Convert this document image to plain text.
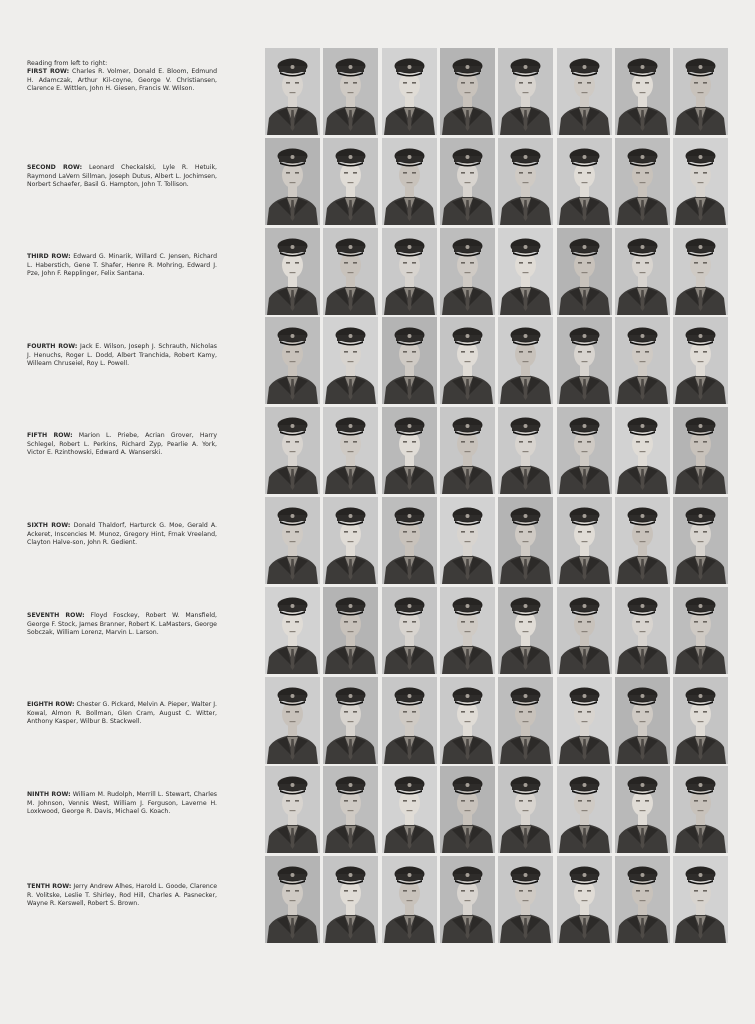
Reading from left to right:

FIRST ROW: Charles R. Volmer, Donald E. Bloom, Edmund H. Adamczak, Arthur Kil-coyne, George V. Christiansen, Clarence E. Wittlen, John H. Giesen, Francis W. Wilson.
SECOND ROW: Leonard Checkalski, Lyle R. Hetuik, Raymond LaVern Sillman, Joseph Dutus, Albert L. Jochimsen, Norbert Schaefer, Basil G. Hampton, John T. Tollison.
THIRD ROW: Edward G. Minarik, Willard C. Jensen, Richard L. Haberstich, Gene T. Shafer, Henre R. Mohring, Edward J. Pze, John F. Repplinger, Felix Santana.
FOURTH ROW: Jack E. Wilson, Joseph J. Schrauth, Nicholas J. Henuchs, Roger L. Dodd, Albert Tranchida, Robert Kamy, Willeam Chruseiel, Roy L. Powell.
FIFTH ROW: Marion L. Priebe, Acrian Grover, Harry Schlegel, Robert L. Perkins, Richard Zyp, Pearlie A. York, Victor E. Rzinthowski, Edward A. Wanserski.
SIXTH ROW: Donald Thaldorf, Harturck G. Moe, Gerald A. Ackeret, Inscencies M. Munoz, Gregory Hint, Frnak Vreeland, Clayton Halve-son, John R. Gedient.
SEVENTH ROW: Floyd Fosckey, Robert W. Mansfield, George F. Stock, James Branner, Robert K. LaMasters, George Sobczak, William Lorenz, Marvin L. Larson.
EIGHTH ROW: Chester G. Pickard, Melvin A. Pieper, Walter J. Kowal, Almon R. Bollman, Glen Cram, August C. Witter, Anthony Kasper, Wilbur B. Stackwell.
NINTH ROW: William M. Rudolph, Merrill L. Stewart, Charles M. Johnson, Vennis West, William J. Ferguson, Laverne H. Loxkwood, George R. Davis, Michael G. Koach.
TENTH ROW: Jerry Andrew Alhes, Harold L. Goode, Clarence R. Volitske, Leslie T. Shirley, Rod Hill, Charles A. Pasnecker, Wayne R. Kerswell, Robert S. Brown.
